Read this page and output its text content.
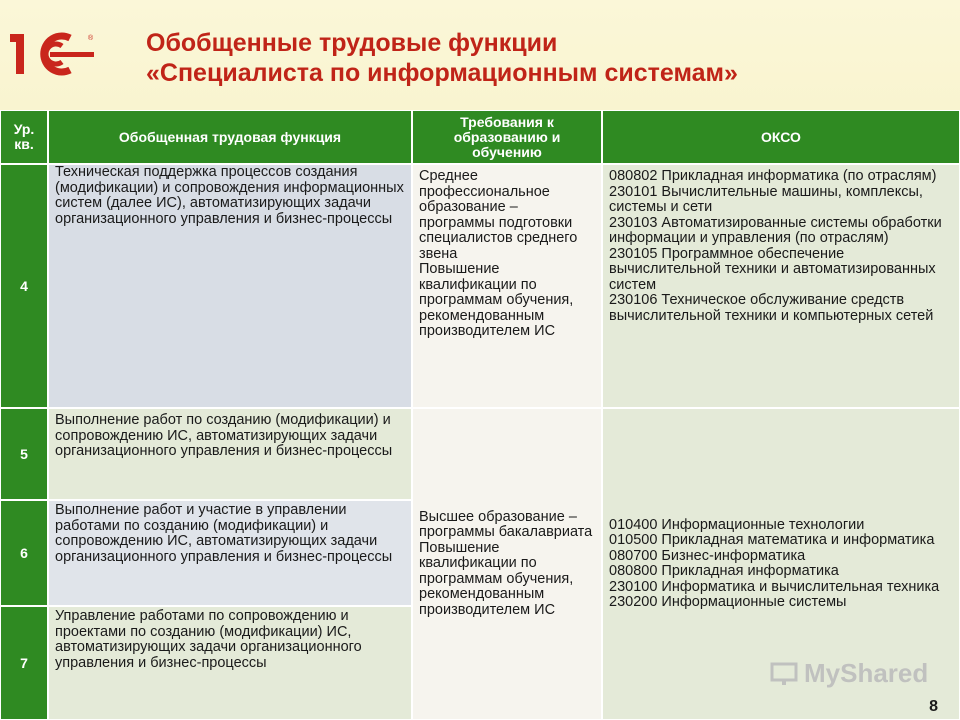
® Обобщенные трудовые функции
«Специалиста по информационным системам»
Ур.
кв.	Обобщенная трудовая функция
Требования к образованию и обучению
ОКСО
4
5
6
7
Техническая поддержка процессов создания (модификации) и сопровождения информационных систем (далее ИС), автоматизирующих задачи организационного управления и бизнес-процессы
Выполнение работ по созданию (модификации) и сопровождению ИС, автоматизирующих задачи организационного управления и бизнес-процессы
Выполнение работ и участие в управлении работами по созданию (модификации) и сопровождению ИС, автоматизирующих задачи организационного управления и бизнес-процессы
Управление работами по сопровождению и проектами по созданию (модификации) ИС, автоматизирующих задачи организационного управления и бизнес-процессы
Среднее профессиональное образование – программы подготовки специалистов среднего звена
Повышение квалификации по программам обучения, рекомендованным производителем ИС
Высшее образование – программы бакалавриата
Повышение квалификации по программам обучения, рекомендованным производителем ИС
080802 Прикладная информатика (по отраслям)
230101 Вычислительные машины, комплексы, системы и сети
230103 Автоматизированные системы обработки информации и управления (по отраслям)
230105 Программное обеспечение вычислительной техники и автоматизированных систем
230106 Техническое обслуживание средств вычислительной техники и компьютерных сетей
010400 Информационные технологии
010500 Прикладная математика и информатика
080700 Бизнес-информатика
080800 Прикладная информатика
230100 Информатика и вычислительная техника
230200 Информационные системы
MyShared
8
